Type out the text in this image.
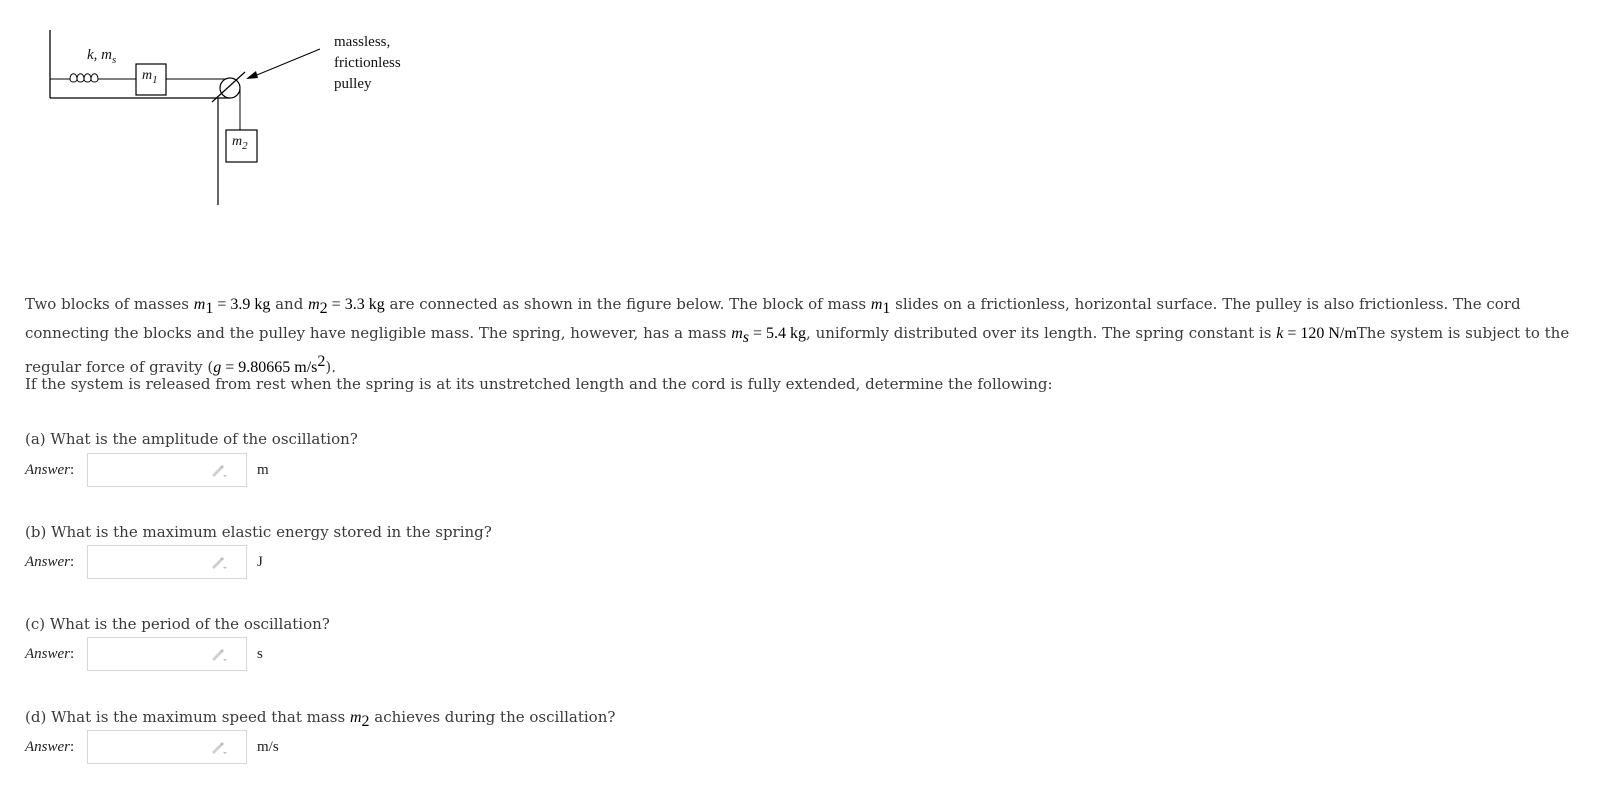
k, $m_s$
$m_1$
$m_2$
massless,
frictionless
pulley
Two blocks of masses $m_1 = 3.9$ kg and $m_2 = 3.3$ kg are connected as shown in the figure below. The block of mass $m_1$ slides on a frictionless, horizontal surface. The pulley is also frictionless. The cord connecting the blocks and the pulley have negligible mass. The spring, however, has a mass $m_s = 5.4$ kg, uniformly distributed over its length. The spring constant is k = 120 N/mThe system is subject to the regular force of gravity (g = 9.80665 $m/s^2$).
If the system is released from rest when the spring is at its unstretched length and the cord is fully extended, determine the following:
(a) What is the amplitude of the oscillation?
Answer:	m
(b) What is the maximum elastic energy stored in the spring?
Answer:	J
(c) What is the period of the oscillation?
Answer:	s
(d) What is the maximum speed that mass $m_2$ achieves during the oscillation?
Answer:	m/s
